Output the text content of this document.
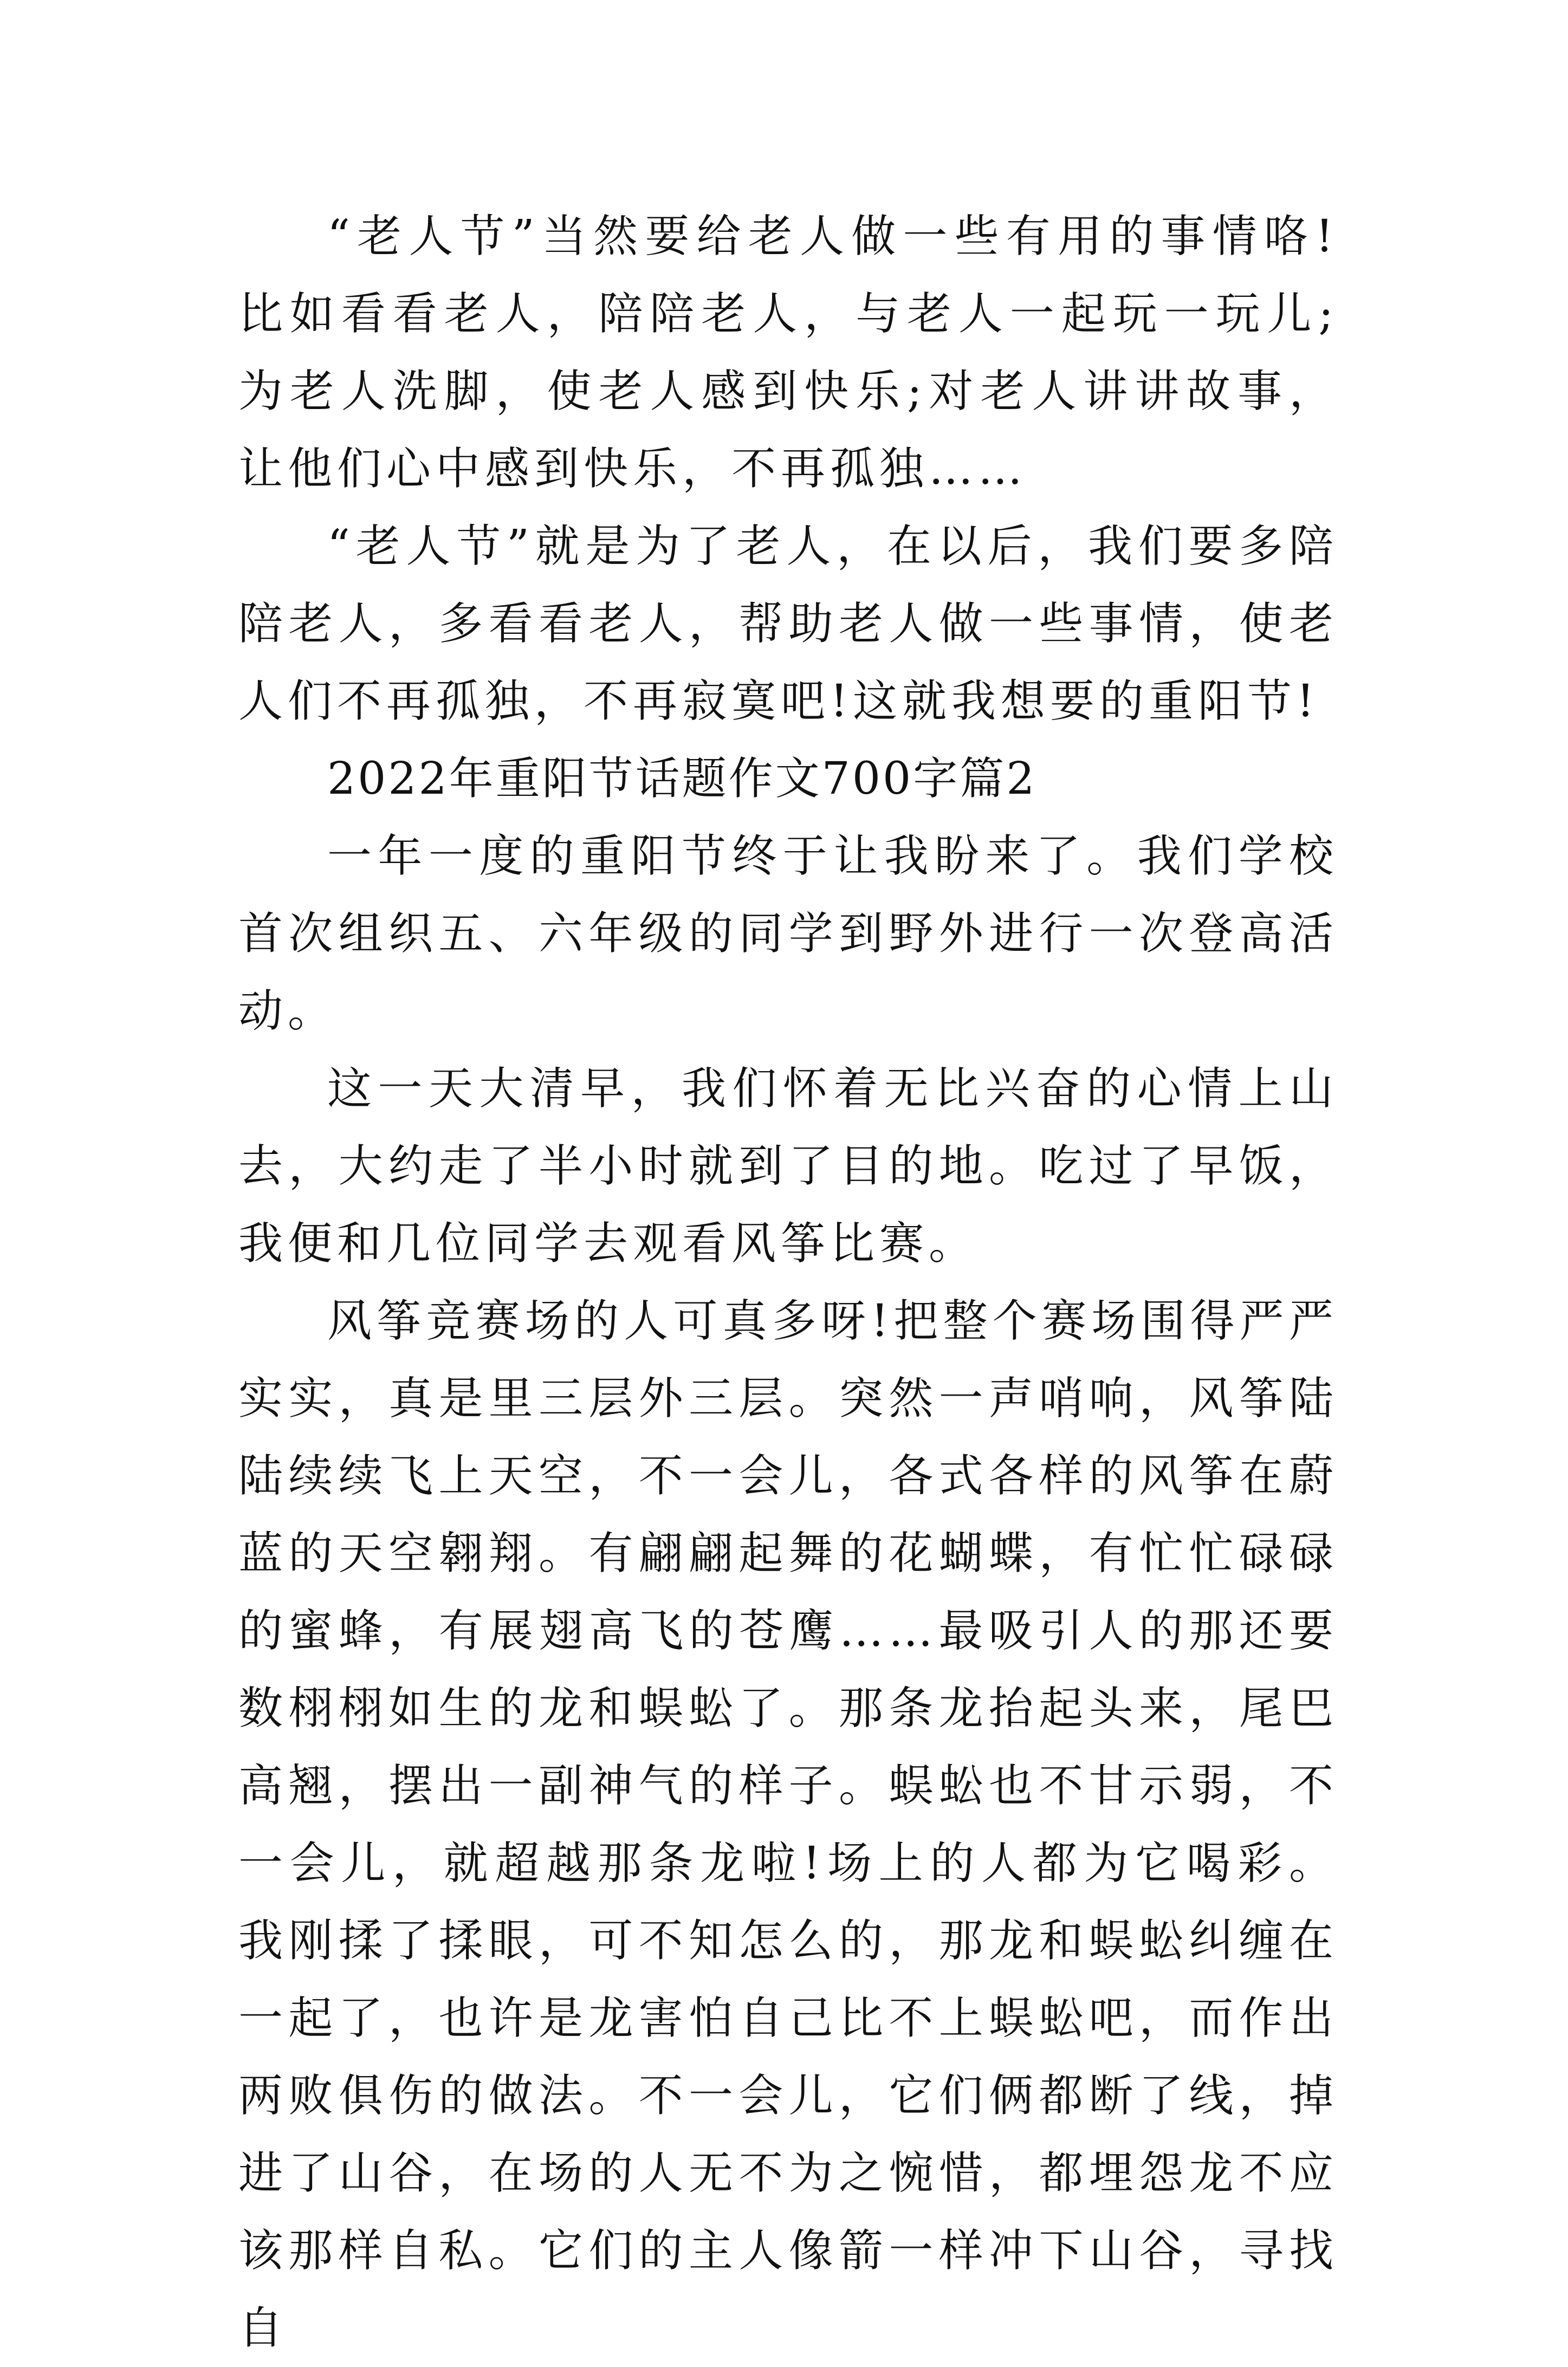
“老人节”当然要给老人做一些有用的事情咯!比如看看老人，陪陪老人，与老人一起玩一玩儿;为老人洗脚，使老人感到快乐;对老人讲讲故事，让他们心中感到快乐，不再孤独……

“老人节”就是为了老人，在以后，我们要多陪陪老人，多看看老人，帮助老人做一些事情，使老人们不再孤独，不再寂寞吧!这就我想要的重阳节!

2022年重阳节话题作文700字篇2

一年一度的重阳节终于让我盼来了。我们学校首次组织五、六年级的同学到野外进行一次登高活动。

这一天大清早，我们怀着无比兴奋的心情上山去，大约走了半小时就到了目的地。吃过了早饭，我便和几位同学去观看风筝比赛。

风筝竞赛场的人可真多呀!把整个赛场围得严严实实，真是里三层外三层。突然一声哨响，风筝陆陆续续飞上天空，不一会儿，各式各样的风筝在蔚蓝的天空翱翔。有翩翩起舞的花蝴蝶，有忙忙碌碌的蜜蜂，有展翅高飞的苍鹰……最吸引人的那还要数栩栩如生的龙和蜈蚣了。那条龙抬起头来，尾巴高翘，摆出一副神气的样子。蜈蚣也不甘示弱，不一会儿，就超越那条龙啦!场上的人都为它喝彩。我刚揉了揉眼，可不知怎么的，那龙和蜈蚣纠缠在一起了，也许是龙害怕自己比不上蜈蚣吧，而作出两败俱伤的做法。不一会儿，它们俩都断了线，掉进了山谷，在场的人无不为之惋惜，都埋怨龙不应该那样自私。它们的主人像箭一样冲下山谷，寻找自
